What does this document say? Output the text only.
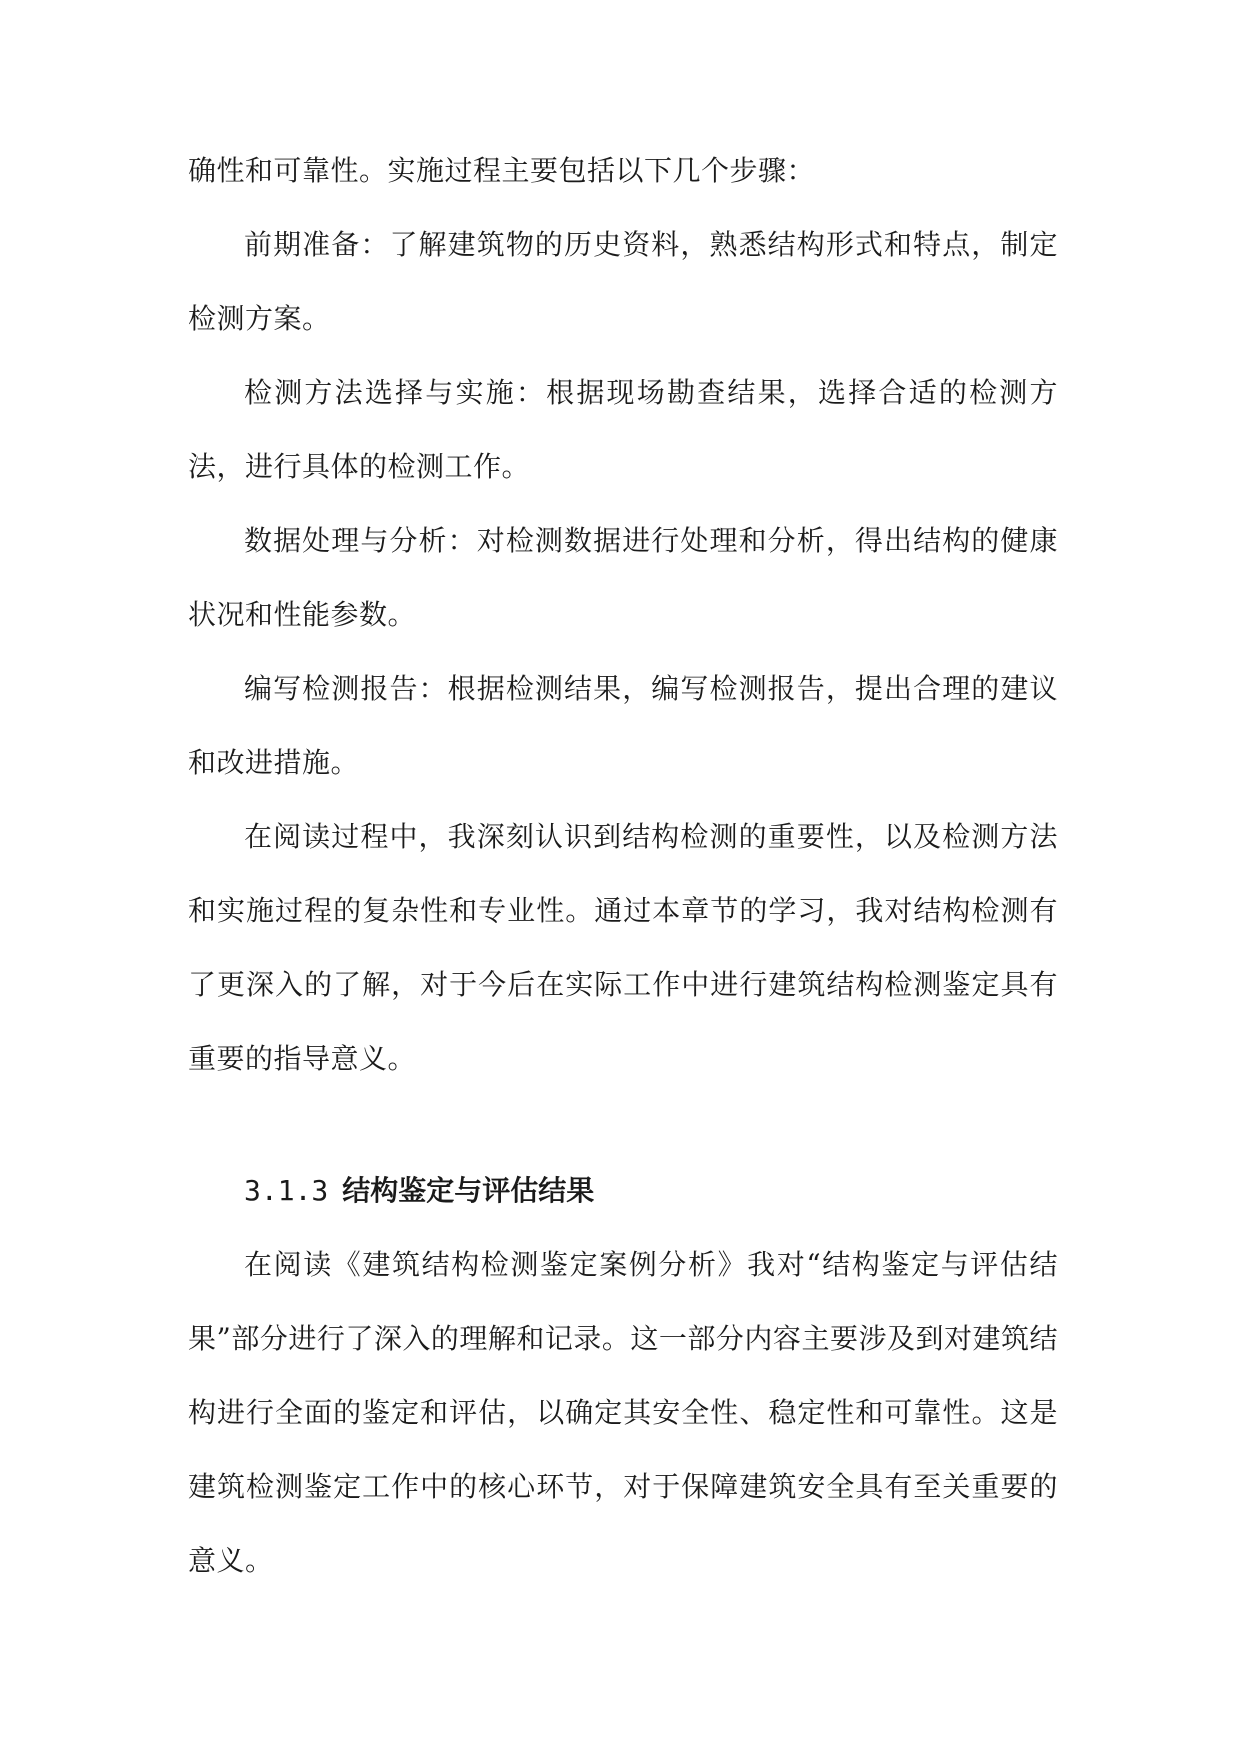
确性和可靠性。实施过程主要包括以下几个步骤：

前期准备：了解建筑物的历史资料，熟悉结构形式和特点，制定检测方案。

检测方法选择与实施：根据现场勘查结果，选择合适的检测方法，进行具体的检测工作。

数据处理与分析：对检测数据进行处理和分析，得出结构的健康状况和性能参数。

编写检测报告：根据检测结果，编写检测报告，提出合理的建议和改进措施。

在阅读过程中，我深刻认识到结构检测的重要性，以及检测方法和实施过程的复杂性和专业性。通过本章节的学习，我对结构检测有了更深入的了解，对于今后在实际工作中进行建筑结构检测鉴定具有重要的指导意义。

3.1.3 结构鉴定与评估结果

在阅读《建筑结构检测鉴定案例分析》我对“结构鉴定与评估结果”部分进行了深入的理解和记录。这一部分内容主要涉及到对建筑结构进行全面的鉴定和评估，以确定其安全性、稳定性和可靠性。这是建筑检测鉴定工作中的核心环节，对于保障建筑安全具有至关重要的意义。
